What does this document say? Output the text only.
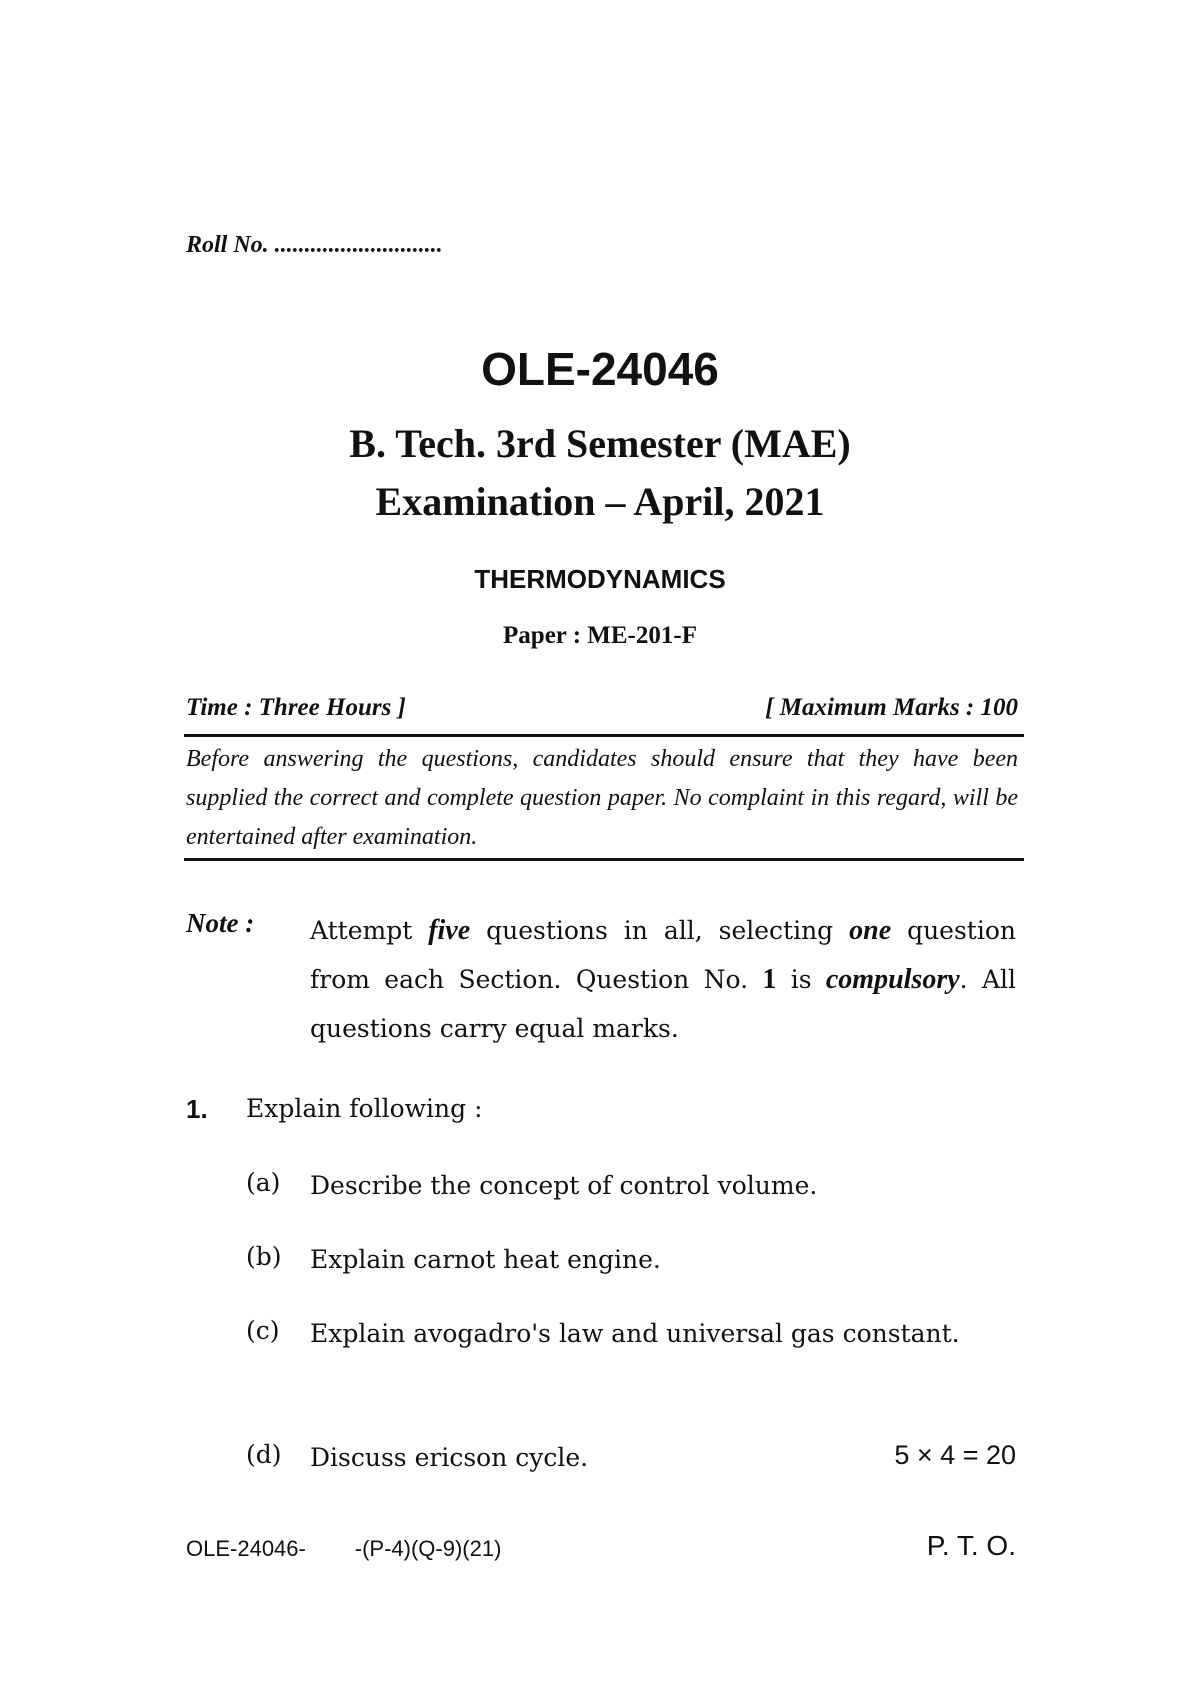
Roll No. ............................
OLE-24046
B. Tech. 3rd Semester (MAE)
Examination – April, 2021
THERMODYNAMICS
Paper : ME-201-F
Time : Three Hours ]	[ Maximum Marks : 100
Before answering the questions, candidates should ensure that they have been supplied the correct and complete question paper. No complaint in this regard, will be entertained after examination.
Note : Attempt five questions in all, selecting one question from each Section. Question No. 1 is compulsory. All questions carry equal marks.
1. Explain following :
(a) Describe the concept of control volume.
(b) Explain carnot heat engine.
(c) Explain avogadro's law and universal gas constant.
(d) Discuss ericson cycle.	5 × 4 = 20
OLE-24046-        -(P-4)(Q-9)(21)	P. T. O.
